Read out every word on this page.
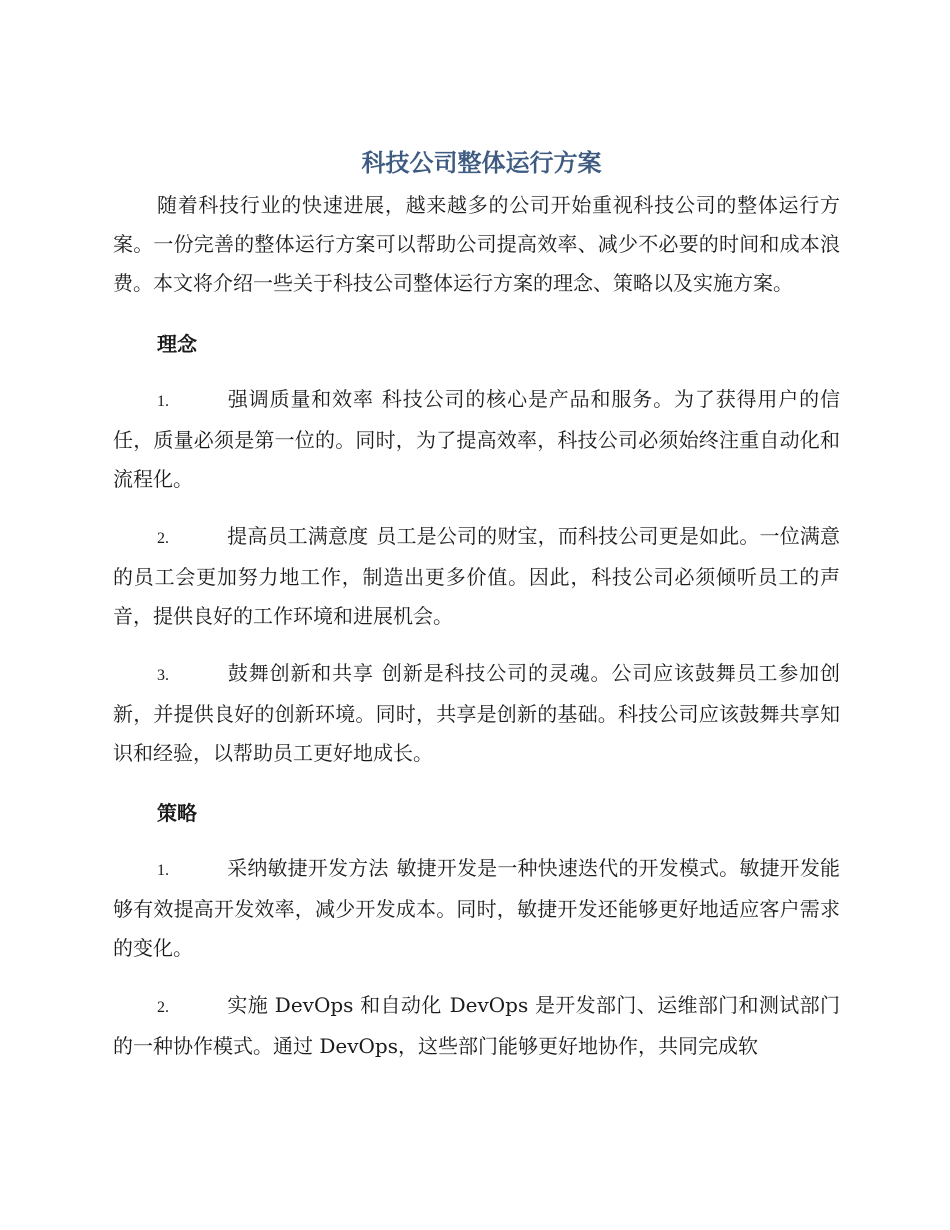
科技公司整体运行方案

随着科技行业的快速进展，越来越多的公司开始重视科技公司的整体运行方案。一份完善的整体运行方案可以帮助公司提高效率、减少不必要的时间和成本浪费。本文将介绍一些关于科技公司整体运行方案的理念、策略以及实施方案。

理念

1.	强调质量和效率 科技公司的核心是产品和服务。为了获得用户的信任，质量必须是第一位的。同时，为了提高效率，科技公司必须始终注重自动化和流程化。

2.	提高员工满意度 员工是公司的财宝，而科技公司更是如此。一位满意的员工会更加努力地工作，制造出更多价值。因此，科技公司必须倾听员工的声音，提供良好的工作环境和进展机会。

3.	鼓舞创新和共享 创新是科技公司的灵魂。公司应该鼓舞员工参加创新，并提供良好的创新环境。同时，共享是创新的基础。科技公司应该鼓舞共享知识和经验，以帮助员工更好地成长。

策略

1.	采纳敏捷开发方法 敏捷开发是一种快速迭代的开发模式。敏捷开发能够有效提高开发效率，减少开发成本。同时，敏捷开发还能够更好地适应客户需求的变化。

2.	实施 DevOps 和自动化 DevOps 是开发部门、运维部门和测试部门的一种协作模式。通过 DevOps，这些部门能够更好地协作，共同完成软
